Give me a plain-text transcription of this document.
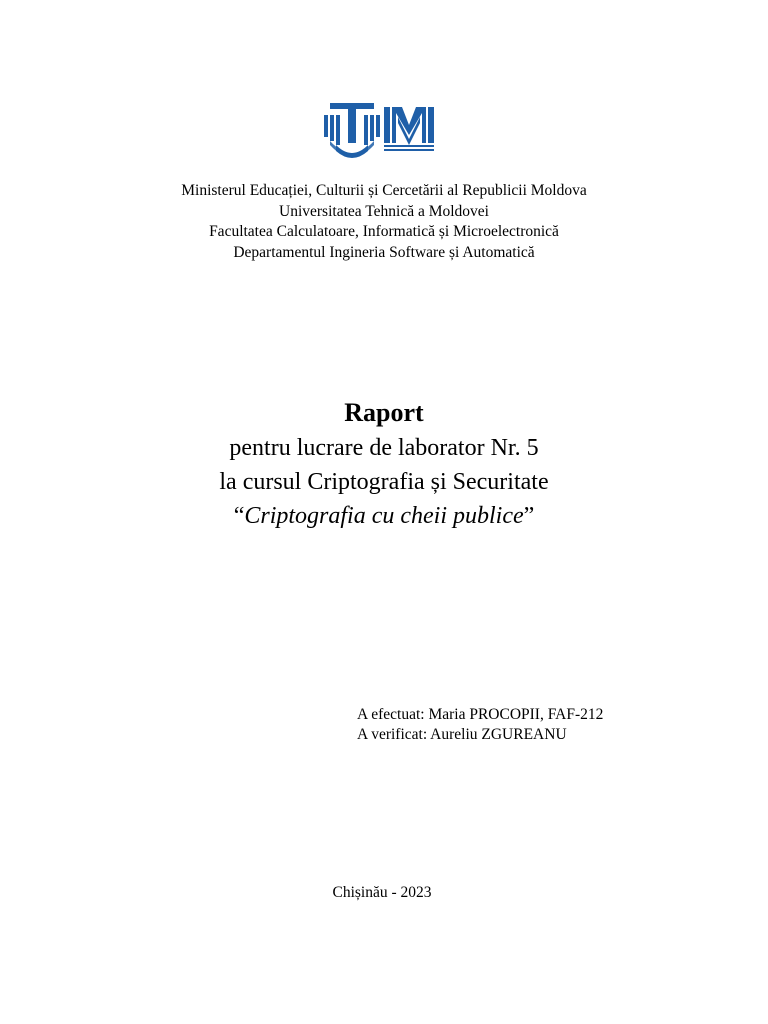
Ministerul Educației, Culturii și Cercetării al Republicii Moldova
Universitatea Tehnică a Moldovei
Facultatea Calculatoare, Informatică și Microelectronică
Departamentul Ingineria Software și Automatică
Raport
pentru lucrare de laborator Nr. 5
la cursul Criptografia și Securitate
“Criptografia cu cheii publice”
A efectuat: Maria PROCOPII, FAF-212
A verificat: Aureliu ZGUREANU
Chișinău - 2023
